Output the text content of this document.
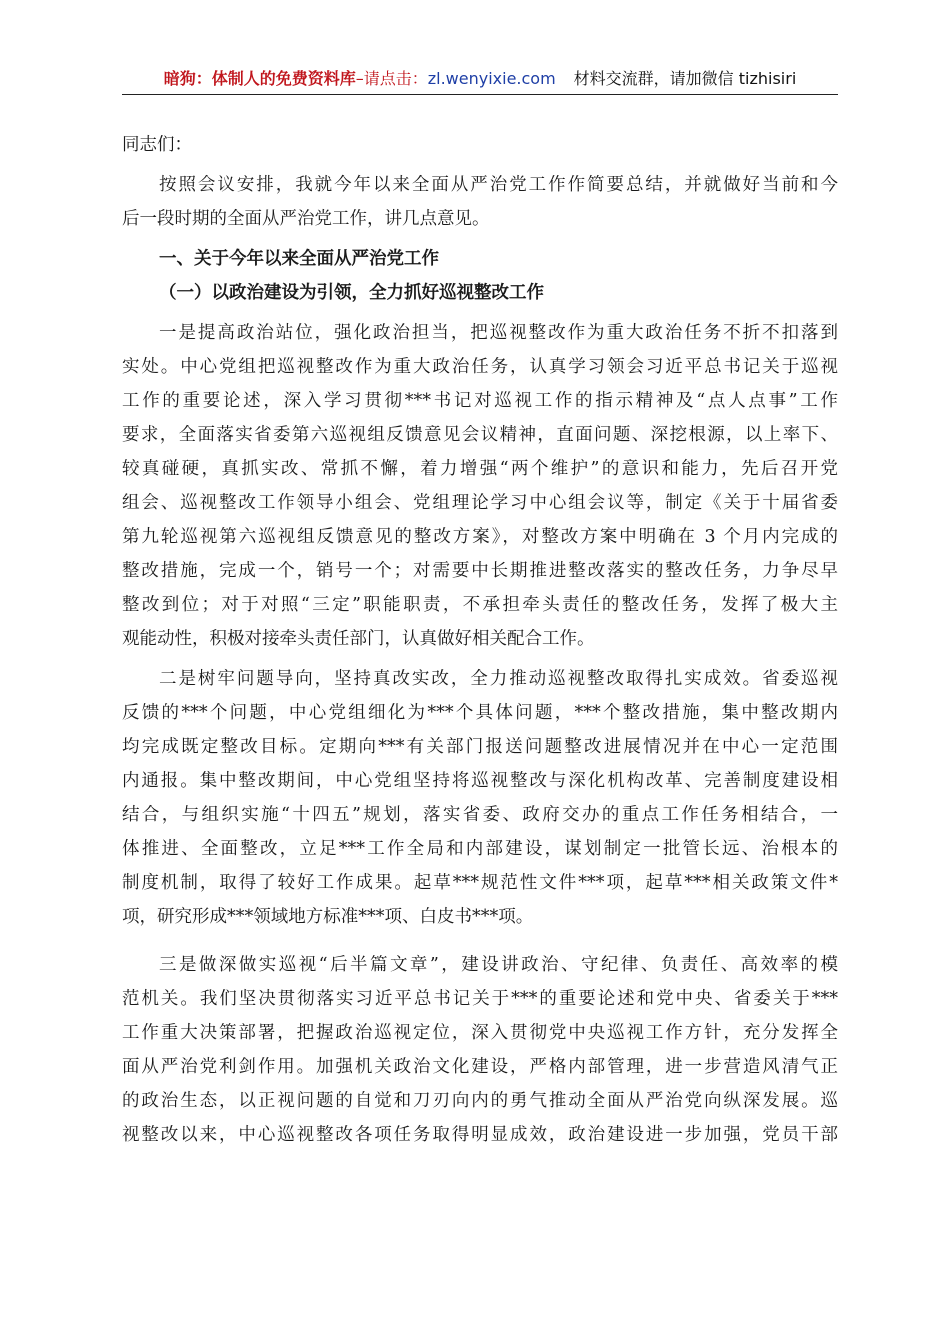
暗狗：体制人的免费资料库–请点击：zl.wenyixie.com 材料交流群，请加微信 tizhisiri
同志们：
按照会议安排，我就今年以来全面从严治党工作作简要总结，并就做好当前和今
后一段时期的全面从严治党工作，讲几点意见。
一、关于今年以来全面从严治党工作
（一）以政治建设为引领，全力抓好巡视整改工作
一是提高政治站位，强化政治担当，把巡视整改作为重大政治任务不折不扣落到
实处。中心党组把巡视整改作为重大政治任务，认真学习领会习近平总书记关于巡视
工作的重要论述，深入学习贯彻***书记对巡视工作的指示精神及“点人点事”工作
要求，全面落实省委第六巡视组反馈意见会议精神，直面问题、深挖根源，以上率下、
较真碰硬，真抓实改、常抓不懈，着力增强“两个维护”的意识和能力，先后召开党
组会、巡视整改工作领导小组会、党组理论学习中心组会议等，制定《关于十届省委
第九轮巡视第六巡视组反馈意见的整改方案》，对整改方案中明确在 3 个月内完成的
整改措施，完成一个，销号一个；对需要中长期推进整改落实的整改任务，力争尽早
整改到位；对于对照“三定”职能职责，不承担牵头责任的整改任务，发挥了极大主
观能动性，积极对接牵头责任部门，认真做好相关配合工作。
二是树牢问题导向，坚持真改实改，全力推动巡视整改取得扎实成效。省委巡视
反馈的***个问题，中心党组细化为***个具体问题，***个整改措施，集中整改期内
均完成既定整改目标。定期向***有关部门报送问题整改进展情况并在中心一定范围
内通报。集中整改期间，中心党组坚持将巡视整改与深化机构改革、完善制度建设相
结合，与组织实施“十四五”规划，落实省委、政府交办的重点工作任务相结合，一
体推进、全面整改，立足***工作全局和内部建设，谋划制定一批管长远、治根本的
制度机制，取得了较好工作成果。起草***规范性文件***项，起草***相关政策文件*
项，研究形成***领域地方标准***项、白皮书***项。
三是做深做实巡视“后半篇文章”，建设讲政治、守纪律、负责任、高效率的模
范机关。我们坚决贯彻落实习近平总书记关于***的重要论述和党中央、省委关于***
工作重大决策部署，把握政治巡视定位，深入贯彻党中央巡视工作方针，充分发挥全
面从严治党利剑作用。加强机关政治文化建设，严格内部管理，进一步营造风清气正
的政治生态，以正视问题的自觉和刀刃向内的勇气推动全面从严治党向纵深发展。巡
视整改以来，中心巡视整改各项任务取得明显成效，政治建设进一步加强，党员干部
